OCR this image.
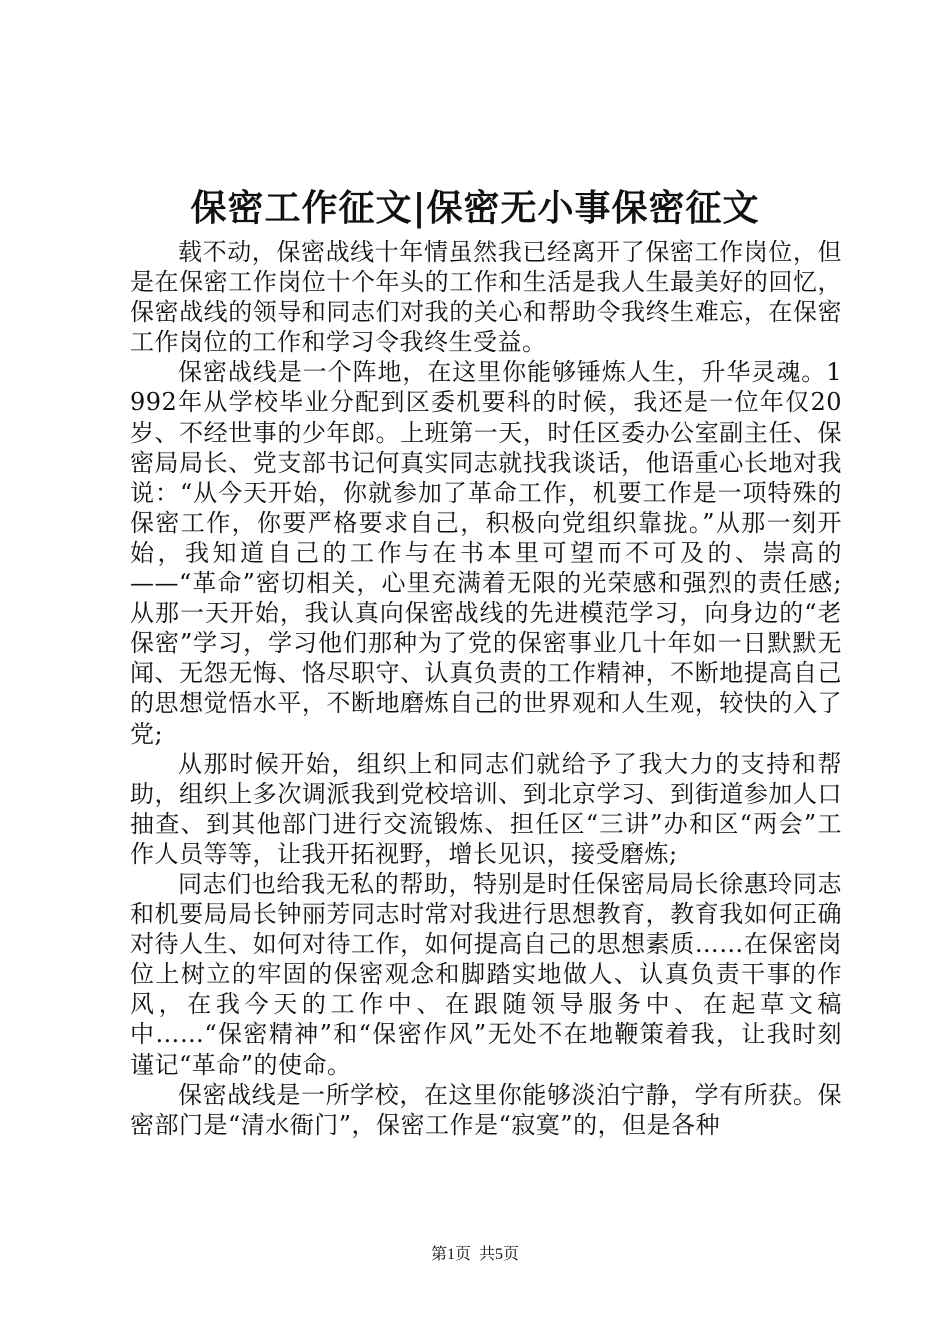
保密工作征文|保密无小事保密征文

载不动，保密战线十年情虽然我已经离开了保密工作岗位，但是在保密工作岗位十个年头的工作和生活是我人生最美好的回忆，保密战线的领导和同志们对我的关心和帮助令我终生难忘，在保密工作岗位的工作和学习令我终生受益。

保密战线是一个阵地，在这里你能够锤炼人生，升华灵魂。1992年从学校毕业分配到区委机要科的时候，我还是一位年仅20岁、不经世事的少年郎。上班第一天，时任区委办公室副主任、保密局局长、党支部书记何真实同志就找我谈话，他语重心长地对我说：“从今天开始，你就参加了革命工作，机要工作是一项特殊的保密工作，你要严格要求自己，积极向党组织靠拢。”从那一刻开始，我知道自己的工作与在书本里可望而不可及的、崇高的——“革命”密切相关，心里充满着无限的光荣感和强烈的责任感;从那一天开始，我认真向保密战线的先进模范学习，向身边的“老保密”学习，学习他们那种为了党的保密事业几十年如一日默默无闻、无怨无悔、恪尽职守、认真负责的工作精神，不断地提高自己的思想觉悟水平，不断地磨炼自己的世界观和人生观，较快的入了党;

从那时候开始，组织上和同志们就给予了我大力的支持和帮助，组织上多次调派我到党校培训、到北京学习、到街道参加人口抽查、到其他部门进行交流锻炼、担任区“三讲”办和区“两会”工作人员等等，让我开拓视野，增长见识，接受磨炼;

同志们也给我无私的帮助，特别是时任保密局局长徐惠玲同志和机要局局长钟丽芳同志时常对我进行思想教育，教育我如何正确对待人生、如何对待工作，如何提高自己的思想素质……在保密岗位上树立的牢固的保密观念和脚踏实地做人、认真负责干事的作风，在我今天的工作中、在跟随领导服务中、在起草文稿中……“保密精神”和“保密作风”无处不在地鞭策着我，让我时刻谨记“革命”的使命。

保密战线是一所学校，在这里你能够淡泊宁静，学有所获。保密部门是“清水衙门”，保密工作是“寂寞”的，但是各种

第1页  共5页
